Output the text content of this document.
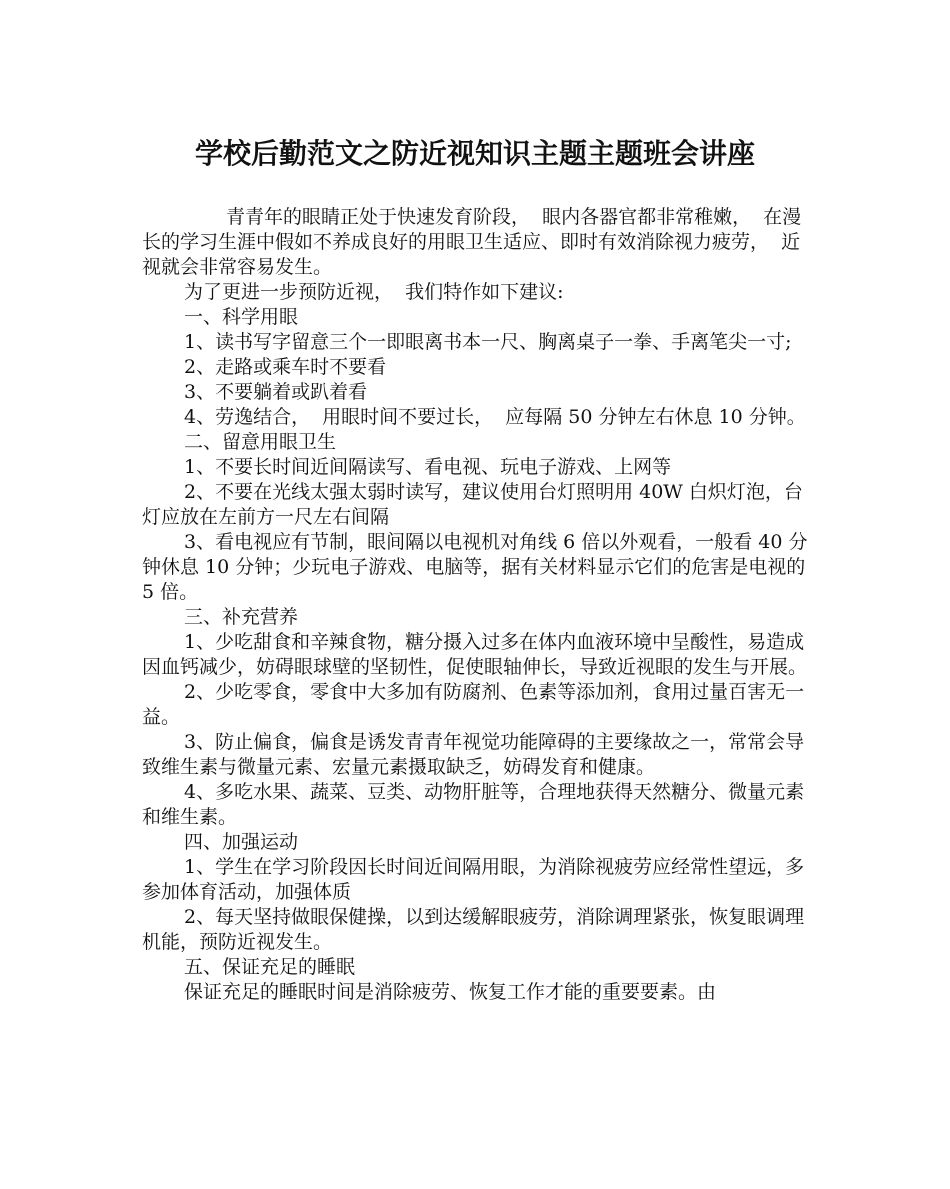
学校后勤范文之防近视知识主题主题班会讲座

青青年的眼睛正处于快速发育阶段，  眼内各器官都非常稚嫩，  在漫长的学习生涯中假如不养成良好的用眼卫生适应、即时有效消除视力疲劳，  近视就会非常容易发生。

为了更进一步预防近视，  我们特作如下建议:

一、科学用眼

1、读书写字留意三个一即眼离书本一尺、胸离桌子一拳、手离笔尖一寸;

2、走路或乘车时不要看

3、不要躺着或趴着看

4、劳逸结合，  用眼时间不要过长，  应每隔 50 分钟左右休息 10 分钟。

二、留意用眼卫生

1、不要长时间近间隔读写、看电视、玩电子游戏、上网等

2、不要在光线太强太弱时读写，建议使用台灯照明用 40W 白炽灯泡，台灯应放在左前方一尺左右间隔

3、看电视应有节制，眼间隔以电视机对角线 6 倍以外观看，一般看 40 分钟休息 10 分钟；少玩电子游戏、电脑等，据有关材料显示它们的危害是电视的 5 倍。

三、补充营养

1、少吃甜食和辛辣食物，糖分摄入过多在体内血液环境中呈酸性，易造成因血钙减少，妨碍眼球壁的坚韧性，促使眼轴伸长，导致近视眼的发生与开展。

2、少吃零食，零食中大多加有防腐剂、色素等添加剂，食用过量百害无一益。

3、防止偏食，偏食是诱发青青年视觉功能障碍的主要缘故之一，常常会导致维生素与微量元素、宏量元素摄取缺乏，妨碍发育和健康。

4、多吃水果、蔬菜、豆类、动物肝脏等，合理地获得天然糖分、微量元素和维生素。

四、加强运动

1、学生在学习阶段因长时间近间隔用眼，为消除视疲劳应经常性望远，多参加体育活动，加强体质

2、每天坚持做眼保健操，以到达缓解眼疲劳，消除调理紧张，恢复眼调理机能，预防近视发生。

五、保证充足的睡眠

保证充足的睡眠时间是消除疲劳、恢复工作才能的重要要素。由
